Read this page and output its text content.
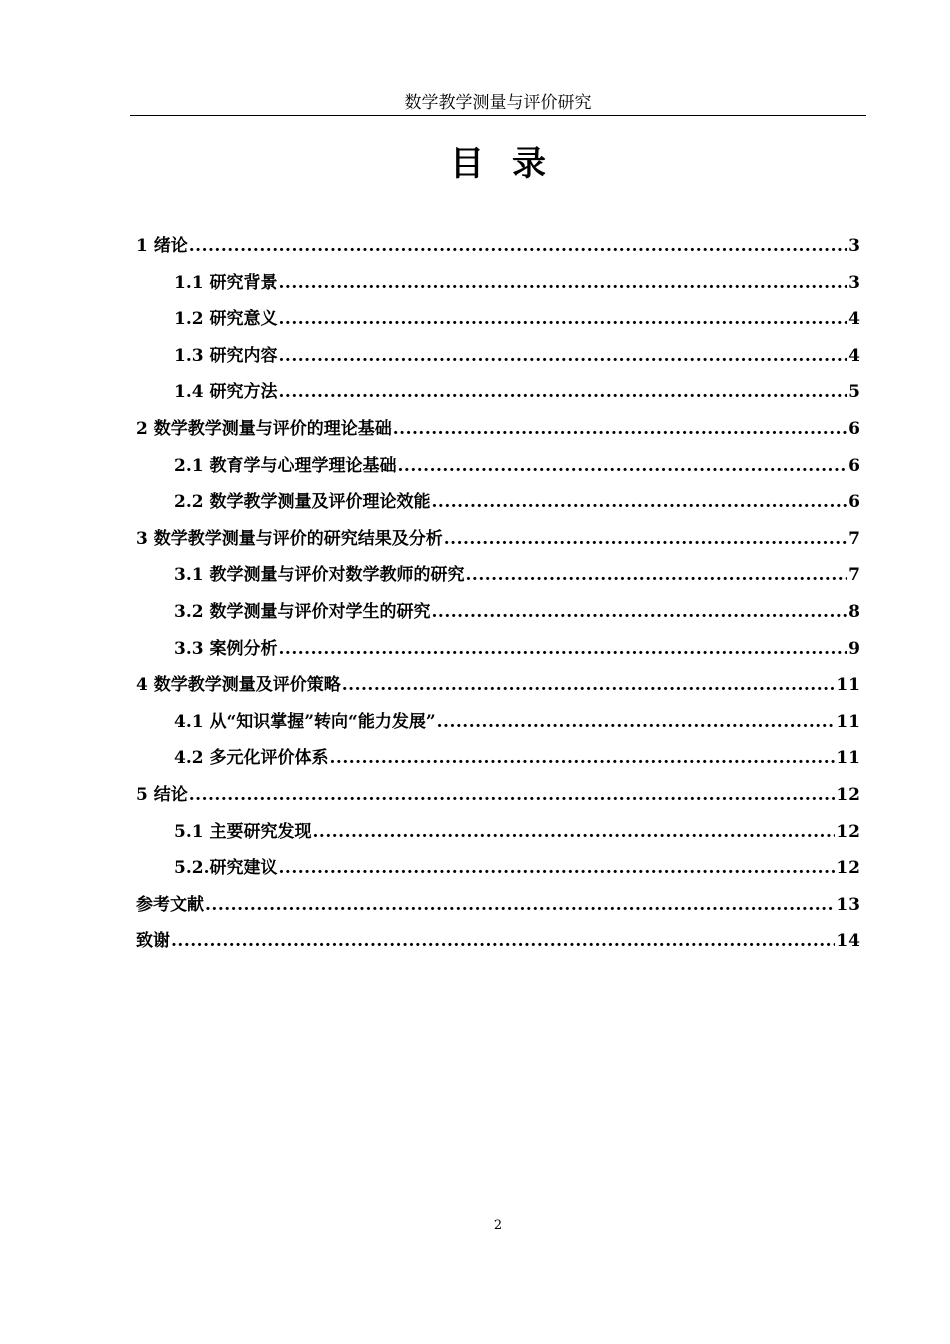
数学教学测量与评价研究
目录
1 绪论 .....	3
1.1 研究背景 .....	3
1.2 研究意义 .....	4
1.3 研究内容 .....	4
1.4 研究方法 .....	5
2 数学教学测量与评价的理论基础 .....	6
2.1 教育学与心理学理论基础 .....	6
2.2 数学教学测量及评价理论效能 .....	6
3 数学教学测量与评价的研究结果及分析 .....	7
3.1 教学测量与评价对数学教师的研究 .....	7
3.2 数学测量与评价对学生的研究 .....	8
3.3 案例分析 .....	9
4 数学教学测量及评价策略 .....	11
4.1 从“知识掌握”转向“能力发展” .....	11
4.2 多元化评价体系 .....	11
5 结论 .....	12
5.1 主要研究发现 .....	12
5.2.研究建议 .....	12
参考文献 .....	13
致谢 .....	14
2
